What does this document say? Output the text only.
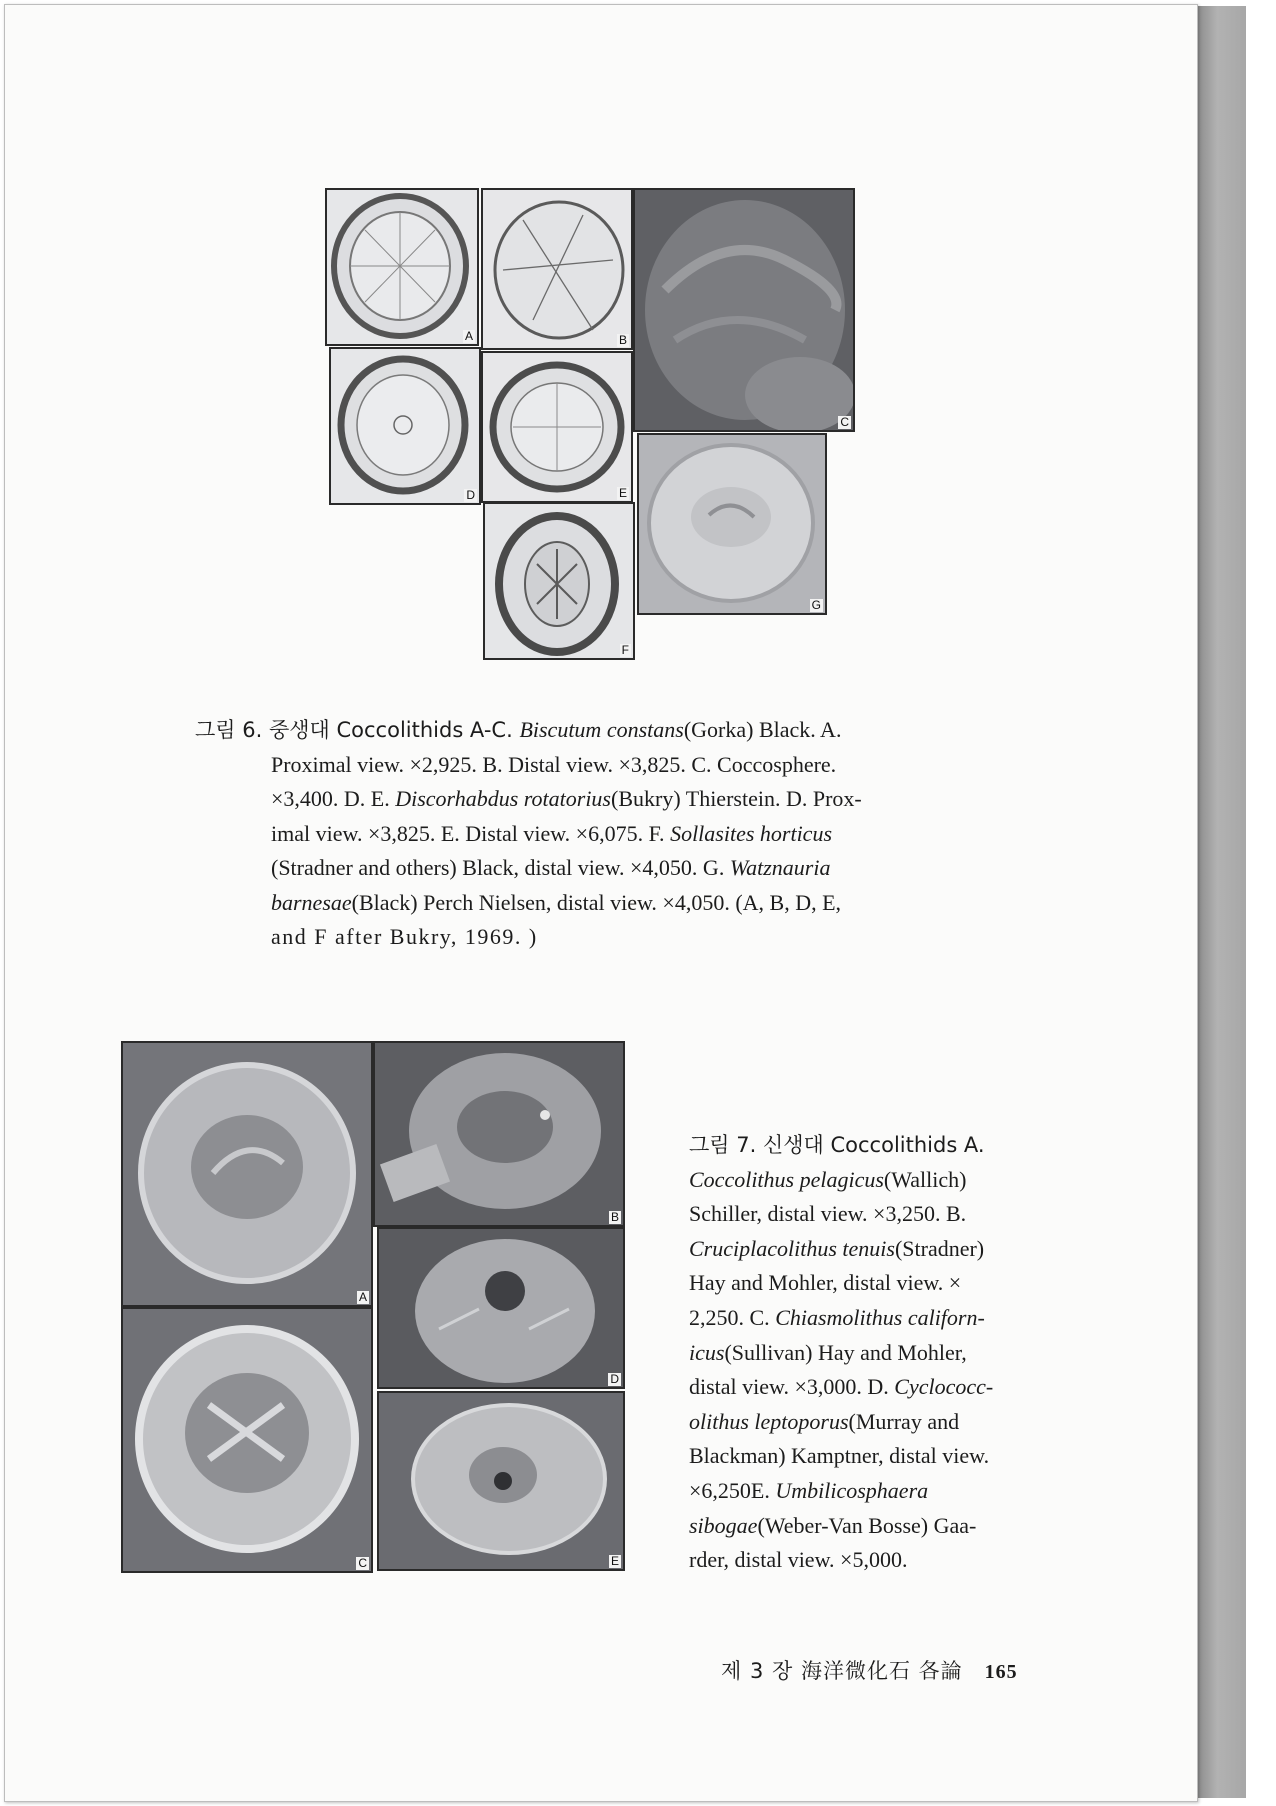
A	B
C
D	E
F
G
그림 6. 중생대 Coccolithids A-C. Biscutum constans(Gorka) Black. A.
Proximal view. ×2,925. B. Distal view. ×3,825. C. Coccosphere.
×3,400. D. E. Discorhabdus rotatorius(Bukry) Thierstein. D. Prox-
imal view. ×3,825. E. Distal view. ×6,075. F. Sollasites horticus
(Stradner and others) Black, distal view. ×4,050. G. Watznauria
barnesae(Black) Perch Nielsen, distal view. ×4,050. (A, B, D, E,
and F after Bukry, 1969. )
A
B
C
D
E
그림 7. 신생대 Coccolithids A.
Coccolithus pelagicus(Wallich)
Schiller, distal view. ×3,250. B.
Cruciplacolithus tenuis(Stradner)
Hay and Mohler, distal view. ×
2,250. C. Chiasmolithus californ-
icus(Sullivan) Hay and Mohler,
distal view. ×3,000. D. Cyclococc-
olithus leptoporus(Murray and
Blackman) Kamptner, distal view.
×6,250E. Umbilicosphaera
sibogae(Weber-Van Bosse) Gaa-
rder, distal view. ×5,000.
제 3 장 海洋微化石 各論 165
